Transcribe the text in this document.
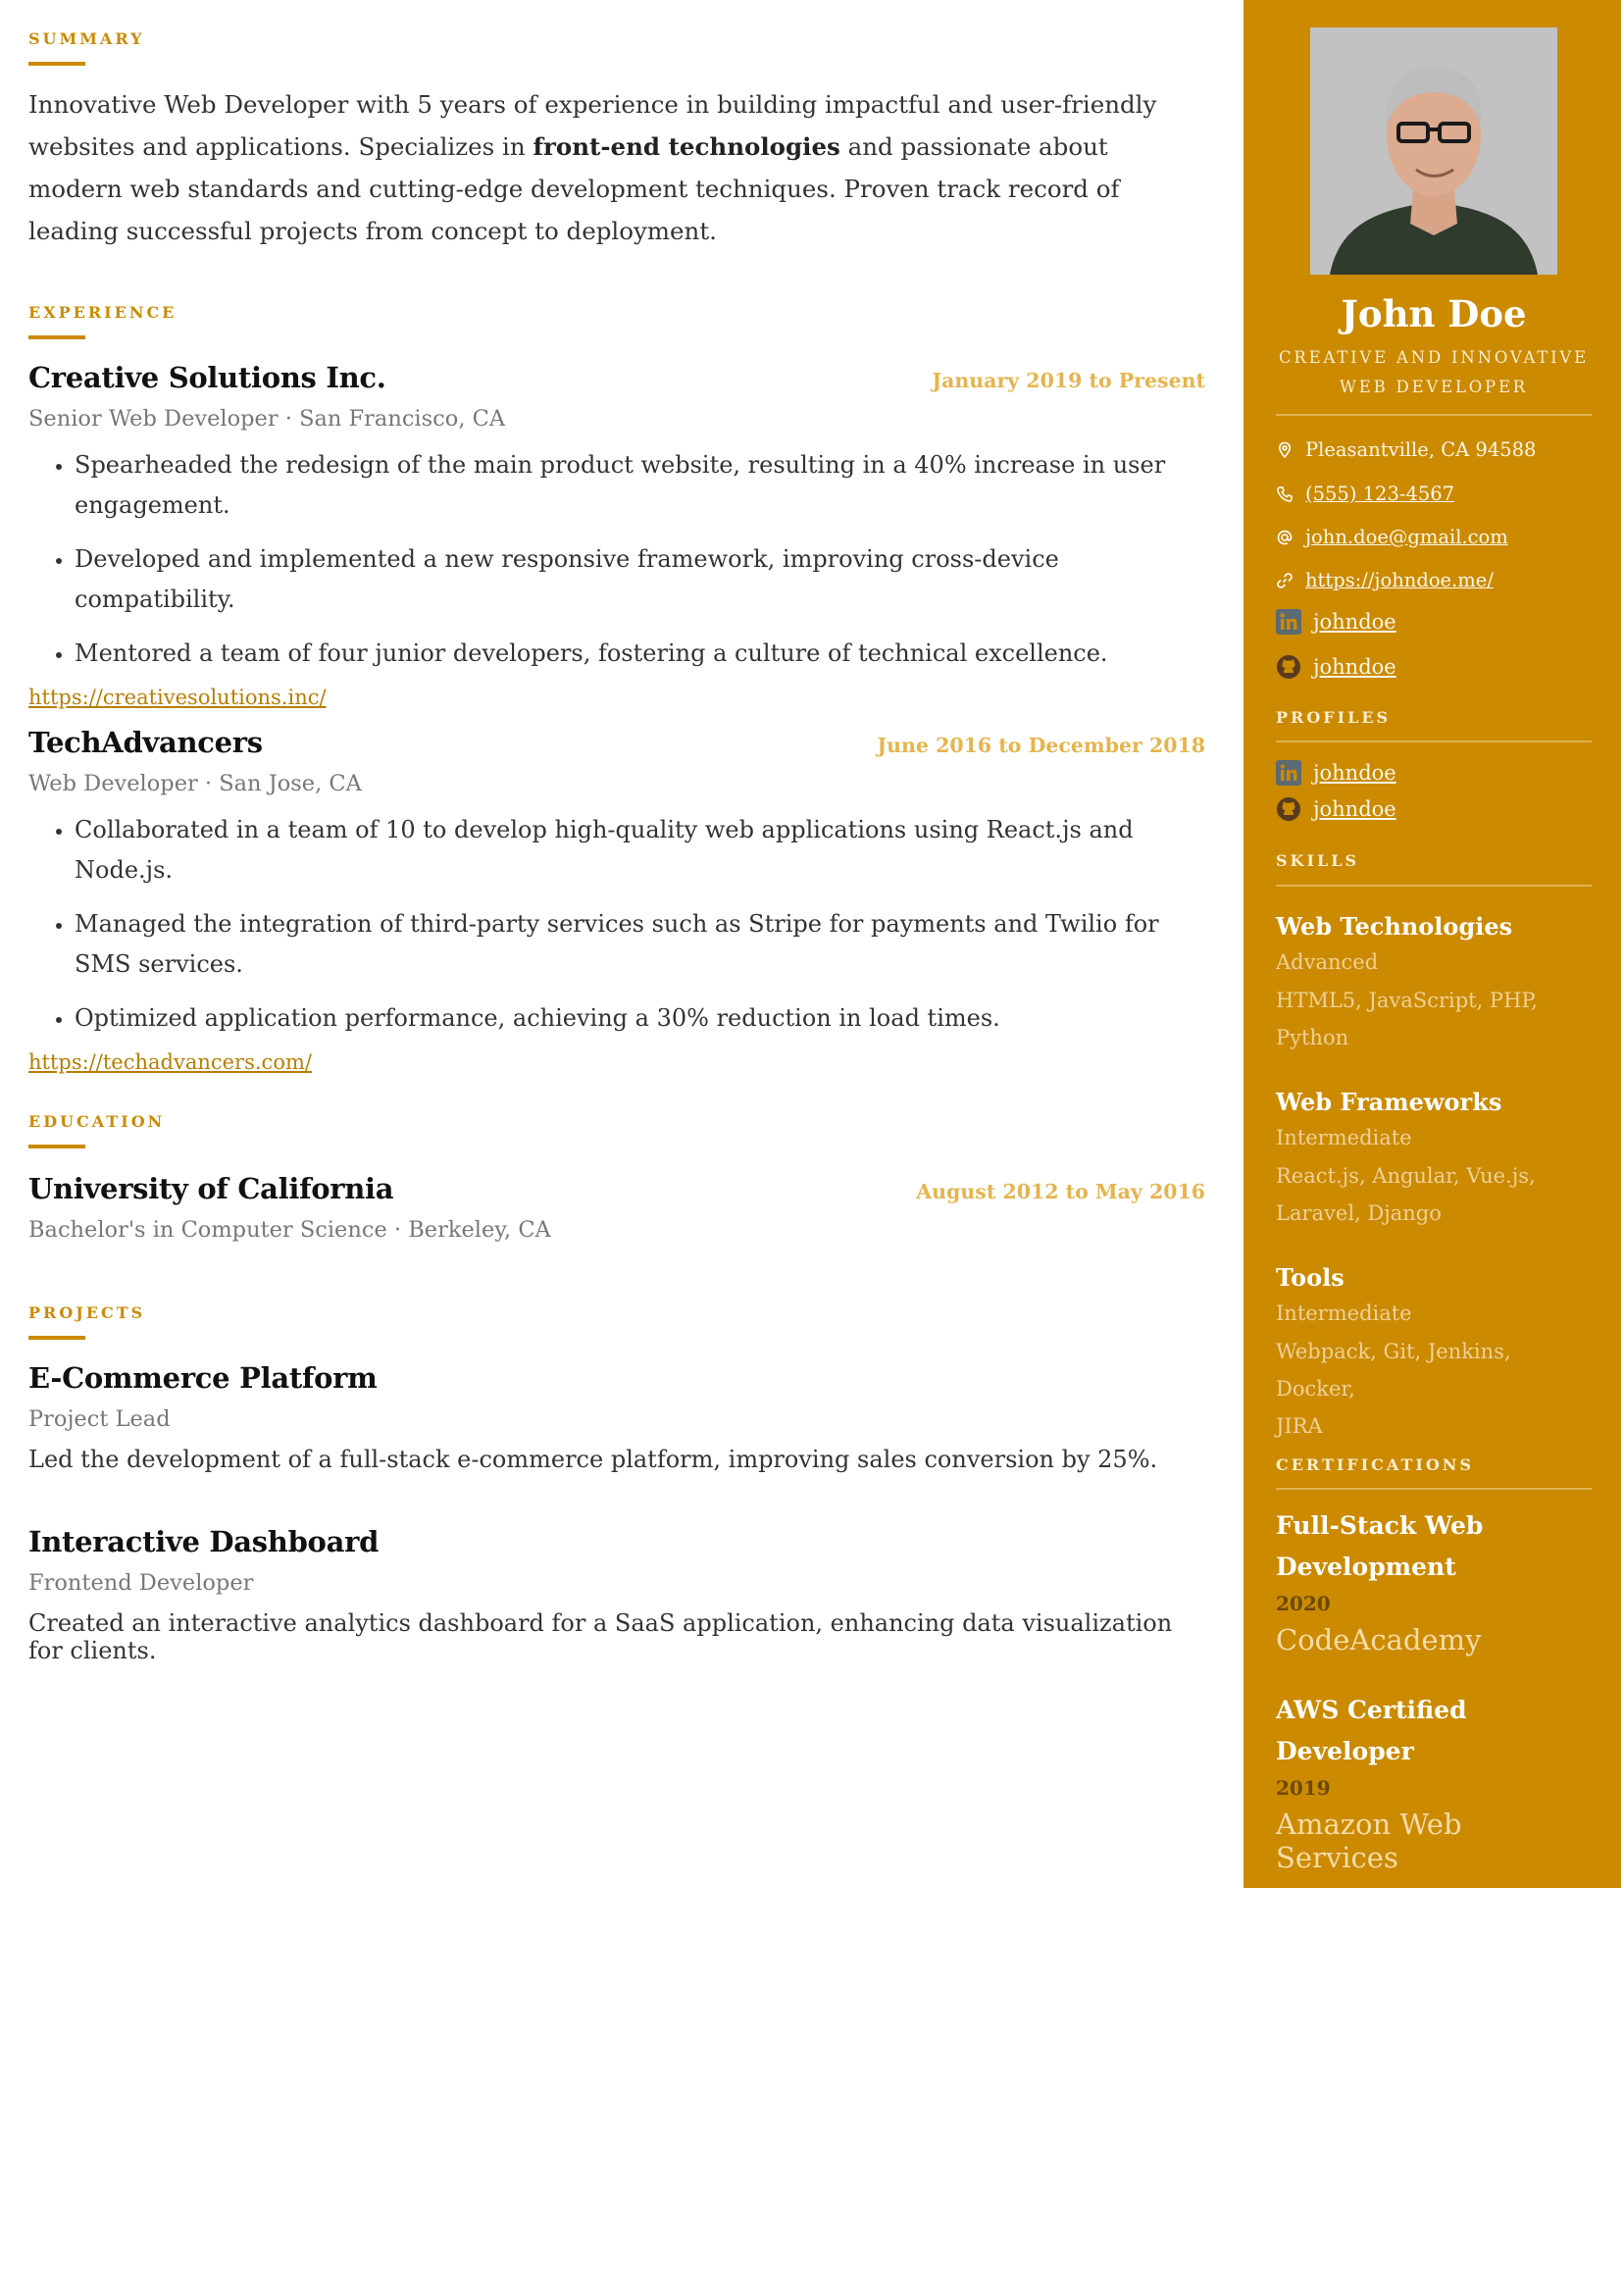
SUMMARY
Innovative Web Developer with 5 years of experience in building impactful and user-friendly websites and applications. Specializes in front-end technologies and passionate about modern web standards and cutting-edge development techniques. Proven track record of leading successful projects from concept to deployment.
EXPERIENCE
Creative Solutions Inc.	January 2019 to Present
Senior Web Developer · San Francisco, CA
• Spearheaded the redesign of the main product website, resulting in a 40% increase in user engagement.
• Developed and implemented a new responsive framework, improving cross-device compatibility.
• Mentored a team of four junior developers, fostering a culture of technical excellence.
https://creativesolutions.inc/
TechAdvancers	June 2016 to December 2018
Web Developer · San Jose, CA
• Collaborated in a team of 10 to develop high-quality web applications using React.js and Node.js.
• Managed the integration of third-party services such as Stripe for payments and Twilio for SMS services.
• Optimized application performance, achieving a 30% reduction in load times.
https://techadvancers.com/
EDUCATION
University of California	August 2012 to May 2016
Bachelor's in Computer Science · Berkeley, CA
PROJECTS
E-Commerce Platform
Project Lead
Led the development of a full-stack e-commerce platform, improving sales conversion by 25%.
Interactive Dashboard
Frontend Developer
Created an interactive analytics dashboard for a SaaS application, enhancing data visualization for clients.
John Doe
CREATIVE AND INNOVATIVE
WEB DEVELOPER
Pleasantville, CA 94588
(555) 123-4567
john.doe@gmail.com
https://johndoe.me/
johndoe
johndoe
PROFILES
johndoe
johndoe
SKILLS
Web Technologies
Advanced
HTML5, JavaScript, PHP,
Python
Web Frameworks
Intermediate
React.js, Angular, Vue.js,
Laravel, Django
Tools
Intermediate
Webpack, Git, Jenkins, Docker,
JIRA
CERTIFICATIONS
Full-Stack Web
Development
2020
CodeAcademy
AWS Certified Developer
2019
Amazon Web Services
